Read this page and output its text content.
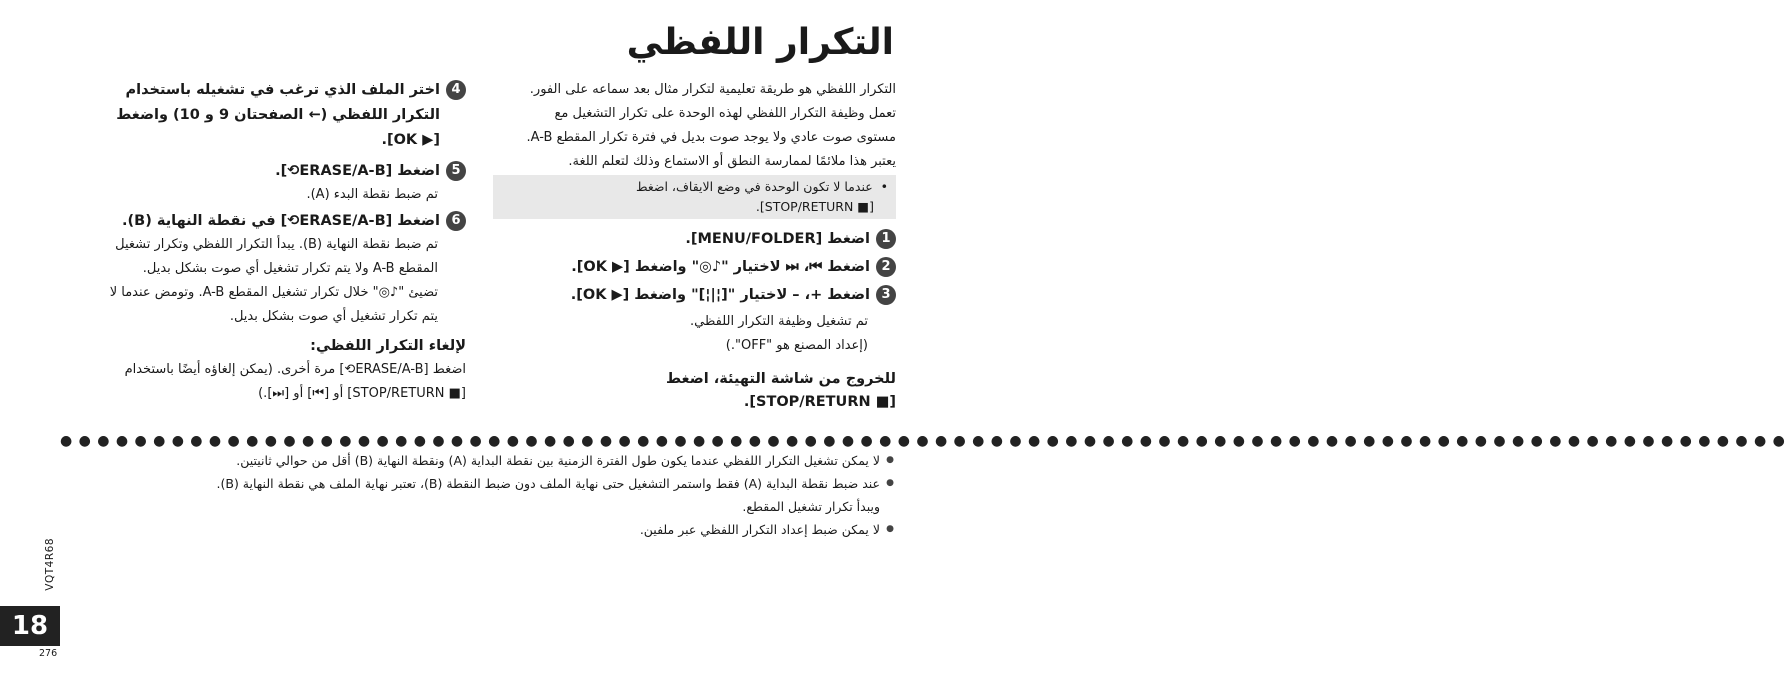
التكرار اللفظي
التكرار اللفظي هو طريقة تعليمية لتكرار مثال بعد سماعه على الفور.
تعمل وظيفة التكرار اللفظي لهذه الوحدة على تكرار التشغيل مع
مستوى صوت عادي ولا يوجد صوت بديل في فترة تكرار المقطع A-B.
يعتبر هذا ملائمًا لممارسة النطق أو الاستماع وذلك لتعلم اللغة.
•  عندما لا تكون الوحدة في وضع الايقاف، اضغط
[■ STOP/RETURN].
1اضغط [MENU/FOLDER].
2اضغط ⏮، ⏭ لاختيار "♪◎" واضغط [▶ OK].
3اضغط +، – لاختيار "[¦|¦]" واضغط [▶ OK].
تم تشغيل وظيفة التكرار اللفظي.
(إعداد المصنع هو "OFF".)
للخروج من شاشة التهيئة، اضغط
[■ STOP/RETURN].
4اختر الملف الذي ترغب في تشغيله باستخدام
التكرار اللفظي (← الصفحتان 9 و 10) واضغط
[▶ OK].
5اضغط [ERASE/A-B⟲].
تم ضبط نقطة البدء (A).
6اضغط [ERASE/A-B⟲] في نقطة النهاية (B).
تم ضبط نقطة النهاية (B). يبدأ التكرار اللفظي وتكرار تشغيل
المقطع A-B ولا يتم تكرار تشغيل أي صوت بشكل بديل.
تضيئ "♪◎" خلال تكرار تشغيل المقطع A-B. وتومض عندما لا
يتم تكرار تشغيل أي صوت بشكل بديل.
لإلغاء التكرار اللفظي:
اضغط [ERASE/A-B⟲] مرة أخرى. (يمكن إلغاؤه أيضًا باستخدام
[■ STOP/RETURN] أو [⏮] أو [⏭].)
●●●●●●●●●●●●●●●●●●●●●●●●●●●●●●●●●●●●●●●●●●●●●●●●●●●●●●●●●●●●●●●●●●●●●●●●●●●●●●●●●●●●●●●●●●●●●
● لا يمكن تشغيل التكرار اللفظي عندما يكون طول الفترة الزمنية بين نقطة البداية (A) ونقطة النهاية (B) أقل من حوالي ثانيتين.
● عند ضبط نقطة البداية (A) فقط واستمر التشغيل حتى نهاية الملف دون ضبط النقطة (B)، تعتبر نهاية الملف هي نقطة النهاية (B).
ويبدأ تكرار تشغيل المقطع.
● لا يمكن ضبط إعداد التكرار اللفظي عبر ملفين.
VQT4R68
18
276
